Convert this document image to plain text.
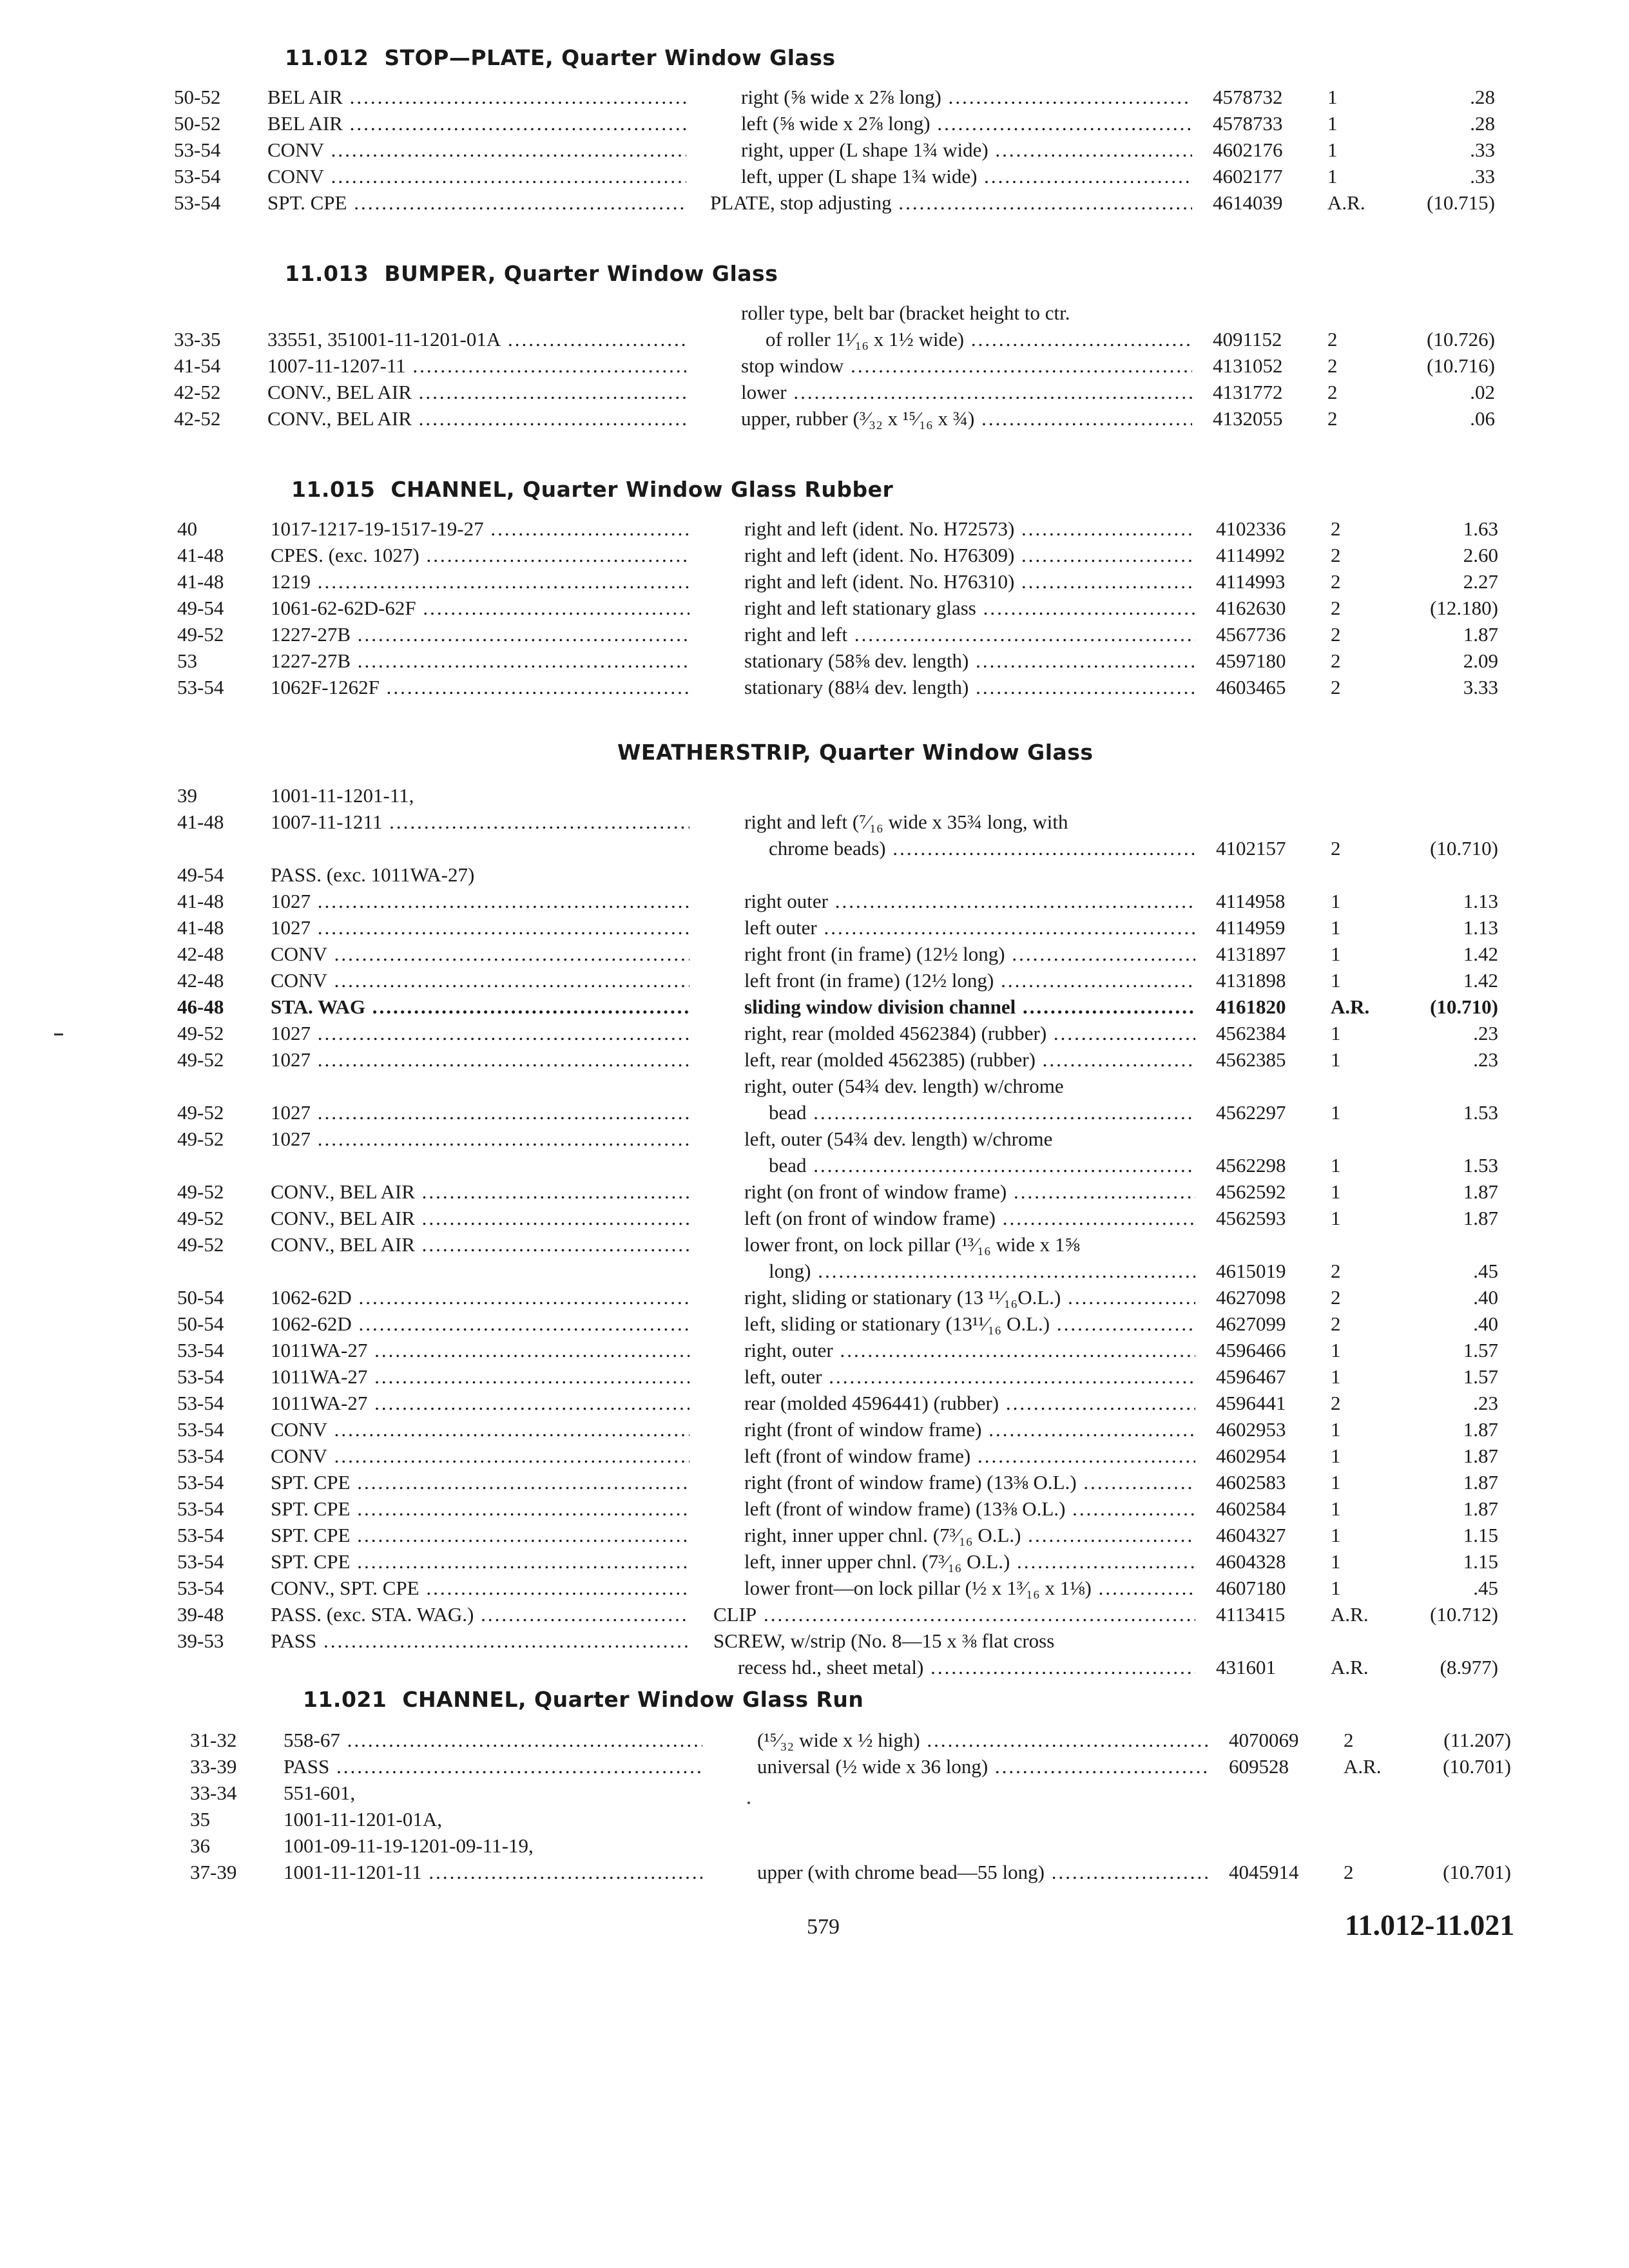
11.012 STOP—PLATE, Quarter Window Glass
50-52	BEL AIR .....	right (⅝ wide x 2⅞ long) .....	4578732	1	.28
50-52	BEL AIR .....	left (⅝ wide x 2⅞ long) .....	4578733	1	.28
53-54	CONV .....	right, upper (L shape 1¾ wide) .....	4602176	1	.33
53-54	CONV .....	left, upper (L shape 1¾ wide) .....	4602177	1	.33
53-54	SPT. CPE .....	PLATE, stop adjusting .....	4614039	A.R.	(10.715)
11.013 BUMPER, Quarter Window Glass
33-35	33551, 351001-11-1201-01A .....
roller type, belt bar (bracket height to ctr.
of roller 1¹⁄₁₆ x 1½ wide) .....	4091152	2	(10.726)
41-54	1007-11-1207-11 .....	stop window .....	4131052	2	(10.716)
42-52	CONV., BEL AIR .....	lower .....	4131772	2	.02
42-52	CONV., BEL AIR .....	upper, rubber (³⁄₃₂ x ¹⁵⁄₁₆ x ¾) .....	4132055	2	.06
11.015 CHANNEL, Quarter Window Glass Rubber
40	1017-1217-19-1517-19-27 .....	right and left (ident. No. H72573) .....	4102336	2	1.63
41-48	CPES. (exc. 1027) .....	right and left (ident. No. H76309) .....	4114992	2	2.60
41-48	1219 .....	right and left (ident. No. H76310) .....	4114993	2	2.27
49-54	1061-62-62D-62F .....	right and left stationary glass .....	4162630	2	(12.180)
49-52	1227-27B .....	right and left .....	4567736	2	1.87
53	1227-27B .....	stationary (58⅝ dev. length) .....	4597180	2	2.09
53-54	1062F-1262F .....	stationary (88¼ dev. length) .....	4603465	2	3.33
WEATHERSTRIP, Quarter Window Glass
39	1001-11-1201-11,
41-48	1007-11-1211 .....	right and left (⁷⁄₁₆ wide x 35¾ long, with
chrome beads) .....	4102157	2	(10.710)
49-54	PASS. (exc. 1011WA-27)
41-48	1027 .....	right outer .....	4114958	1	1.13
41-48	1027 .....	left outer .....	4114959	1	1.13
42-48	CONV .....	right front (in frame) (12½ long) .....	4131897	1	1.42
42-48	CONV .....	left front (in frame) (12½ long) .....	4131898	1	1.42
46-48	STA. WAG .....	sliding window division channel .....	4161820	A.R.	(10.710)
49-52	1027 .....	right, rear (molded 4562384) (rubber) .....	4562384	1	.23
49-52	1027 .....	left, rear (molded 4562385) (rubber) .....	4562385	1	.23
49-52	1027 .....
right, outer (54¾ dev. length) w/chrome
bead .....	4562297	1	1.53
49-52	1027 .....	left, outer (54¾ dev. length) w/chrome
bead .....	4562298	1	1.53
49-52	CONV., BEL AIR .....	right (on front of window frame) .....	4562592	1	1.87
49-52	CONV., BEL AIR .....	left (on front of window frame) .....	4562593	1	1.87
49-52	CONV., BEL AIR .....	lower front, on lock pillar (¹³⁄₁₆ wide x 1⅝
long) .....	4615019	2	.45
50-54	1062-62D .....	right, sliding or stationary (13 ¹¹⁄₁₆O.L.) .....	4627098	2	.40
50-54	1062-62D .....	left, sliding or stationary (13¹¹⁄₁₆ O.L.) .....	4627099	2	.40
53-54	1011WA-27 .....	right, outer .....	4596466	1	1.57
53-54	1011WA-27 .....	left, outer .....	4596467	1	1.57
53-54	1011WA-27 .....	rear (molded 4596441) (rubber) .....	4596441	2	.23
53-54	CONV .....	right (front of window frame) .....	4602953	1	1.87
53-54	CONV .....	left (front of window frame) .....	4602954	1	1.87
53-54	SPT. CPE .....	right (front of window frame) (13⅜ O.L.) .....	4602583	1	1.87
53-54	SPT. CPE .....	left (front of window frame) (13⅜ O.L.) .....	4602584	1	1.87
53-54	SPT. CPE .....	right, inner upper chnl. (7³⁄₁₆ O.L.) .....	4604327	1	1.15
53-54	SPT. CPE .....	left, inner upper chnl. (7³⁄₁₆ O.L.) .....	4604328	1	1.15
53-54	CONV., SPT. CPE .....	lower front—on lock pillar (½ x 1³⁄₁₆ x 1⅛) .....	4607180	1	.45
39-48	PASS. (exc. STA. WAG.) .....	CLIP .....	4113415	A.R.	(10.712)
39-53	PASS .....	SCREW, w/strip (No. 8—15 x ⅜ flat cross
recess hd., sheet metal) .....	431601	A.R.	(8.977)
11.021 CHANNEL, Quarter Window Glass Run
31-32	558-67 .....	(¹⁵⁄₃₂ wide x ½ high) .....	4070069	2	(11.207)
33-39	PASS .....	universal (½ wide x 36 long) .....	609528	A.R.	(10.701)
33-34	551-601,
35	1001-11-1201-01A,
36	1001-09-11-19-1201-09-11-19,
37-39	1001-11-1201-11 .....	upper (with chrome bead—55 long) .....	4045914	2	(10.701)
579	11.012-11.021
